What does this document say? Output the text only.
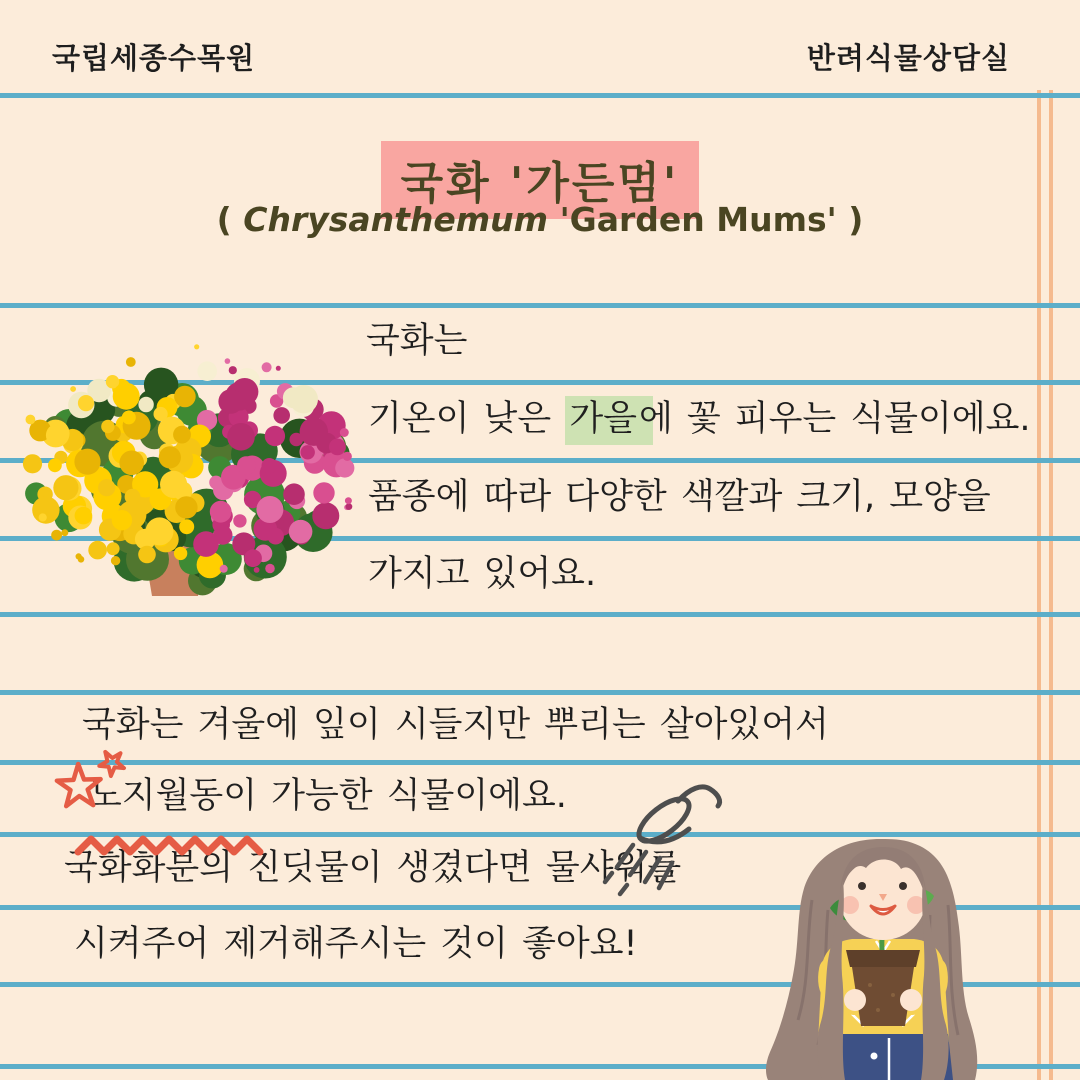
국립세종수목원	반려식물상담실
국화 '가든멈'
( Chrysanthemum 'Garden Mums' )
국화는
기온이 낮은 가을에 꽃 피우는 식물이에요.
품종에 따라 다양한 색깔과 크기, 모양을
가지고 있어요.
국화는 겨울에 잎이 시들지만 뿌리는 살아있어서
노지월동이 가능한 식물이에요.
국화화분의 진딧물이 생겼다면 물샤워를
시켜주어 제거해주시는 것이 좋아요!
